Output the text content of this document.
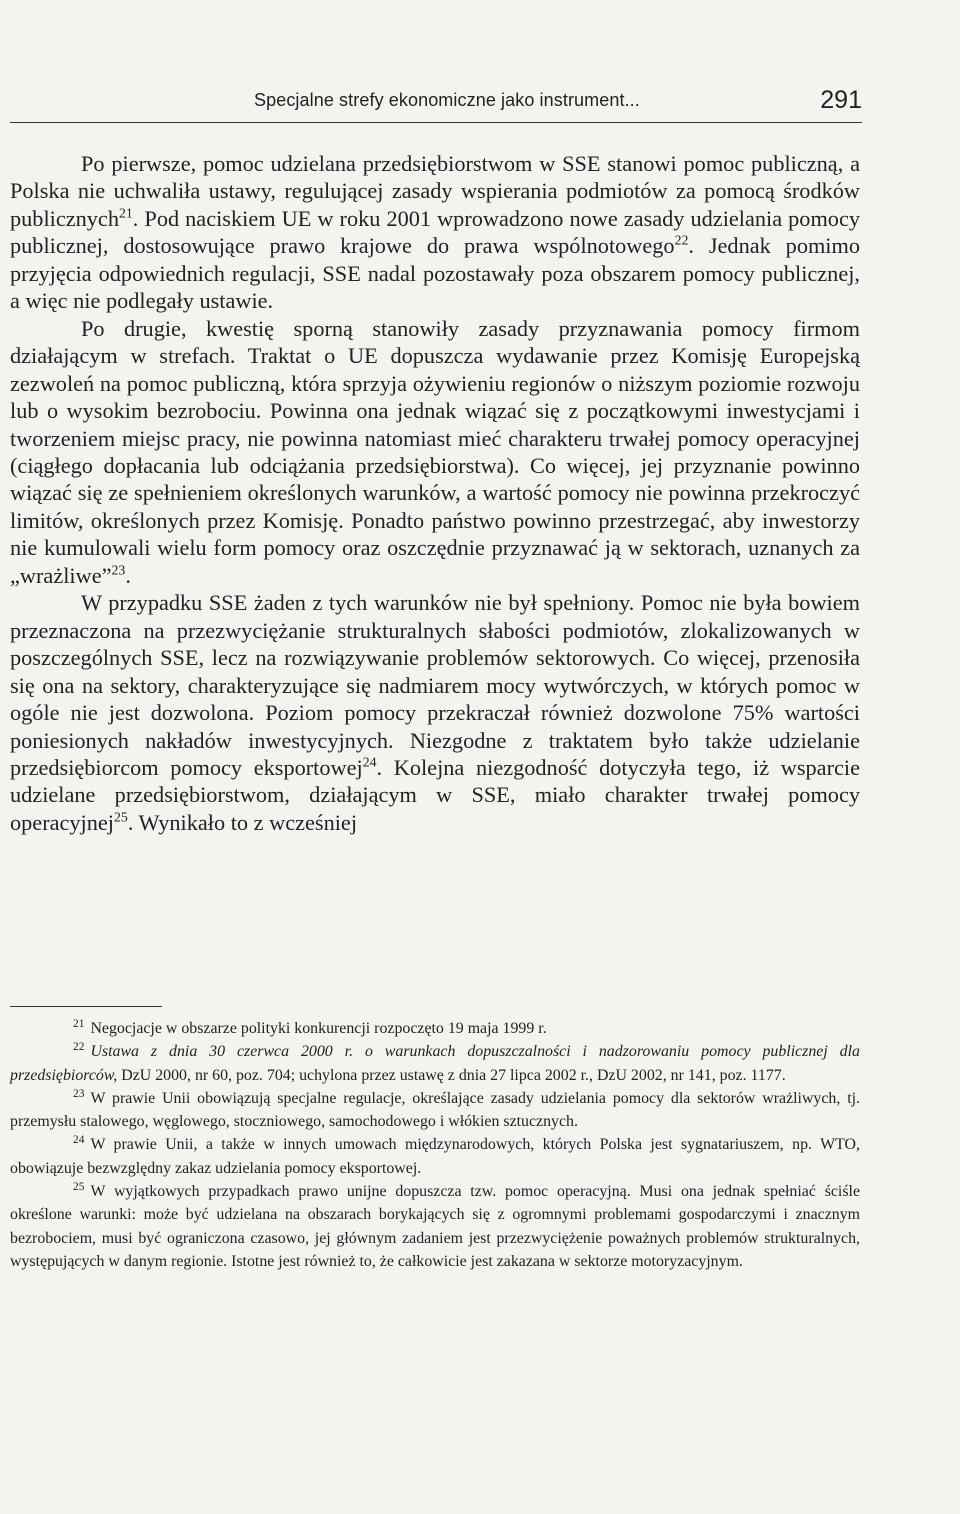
Specjalne strefy ekonomiczne jako instrument...	291

Po pierwsze, pomoc udzielana przedsiębiorstwom w SSE stanowi pomoc publiczną, a Polska nie uchwaliła ustawy, regulującej zasady wspierania podmiotów za pomocą środków publicznych$^{21}$. Pod naciskiem UE w roku 2001 wprowadzono nowe zasady udzielania pomocy publicznej, dostosowujące prawo krajowe do prawa wspólnotowego$^{22}$. Jednak pomimo przyjęcia odpowiednich regulacji, SSE nadal pozostawały poza obszarem pomocy publicznej, a więc nie podlegały ustawie.

Po drugie, kwestię sporną stanowiły zasady przyznawania pomocy firmom działającym w strefach. Traktat o UE dopuszcza wydawanie przez Komisję Europejską zezwoleń na pomoc publiczną, która sprzyja ożywieniu regionów o niższym poziomie rozwoju lub o wysokim bezrobociu. Powinna ona jednak wiązać się z początkowymi inwestycjami i tworzeniem miejsc pracy, nie powinna natomiast mieć charakteru trwałej pomocy operacyjnej (ciągłego dopłacania lub odciążania przedsiębiorstwa). Co więcej, jej przyznanie powinno wiązać się ze spełnieniem określonych warunków, a wartość pomocy nie powinna przekroczyć limitów, określonych przez Komisję. Ponadto państwo powinno przestrzegać, aby inwestorzy nie kumulowali wielu form pomocy oraz oszczędnie przyznawać ją w sektorach, uznanych za „wrażliwe”$^{23}$.

W przypadku SSE żaden z tych warunków nie był spełniony. Pomoc nie była bowiem przeznaczona na przezwyciężanie strukturalnych słabości podmiotów, zlokalizowanych w poszczególnych SSE, lecz na rozwiązywanie problemów sektorowych. Co więcej, przenosiła się ona na sektory, charakteryzujące się nadmiarem mocy wytwórczych, w których pomoc w ogóle nie jest dozwolona. Poziom pomocy przekraczał również dozwolone 75% wartości poniesionych nakładów inwestycyjnych. Niezgodne z traktatem było także udzielanie przedsiębiorcom pomocy eksportowej$^{24}$. Kolejna niezgodność dotyczyła tego, iż wsparcie udzielane przedsiębiorstwom, działającym w SSE, miało charakter trwałej pomocy operacyjnej$^{25}$. Wynikało to z wcześniej

$^{21}$ Negocjacje w obszarze polityki konkurencji rozpoczęto 19 maja 1999 r.

$^{22}$ Ustawa z dnia 30 czerwca 2000 r. o warunkach dopuszczalności i nadzorowaniu pomocy publicznej dla przedsiębiorców, DzU 2000, nr 60, poz. 704; uchylona przez ustawę z dnia 27 lipca 2002 r., DzU 2002, nr 141, poz. 1177.

$^{23}$ W prawie Unii obowiązują specjalne regulacje, określające zasady udzielania pomocy dla sektorów wrażliwych, tj. przemysłu stalowego, węglowego, stoczniowego, samochodowego i włókien sztucznych.

$^{24}$ W prawie Unii, a także w innych umowach międzynarodowych, których Polska jest sygnatariuszem, np. WTO, obowiązuje bezwzględny zakaz udzielania pomocy eksportowej.

$^{25}$ W wyjątkowych przypadkach prawo unijne dopuszcza tzw. pomoc operacyjną. Musi ona jednak spełniać ściśle określone warunki: może być udzielana na obszarach borykających się z ogromnymi problemami gospodarczymi i znacznym bezrobociem, musi być ograniczona czasowo, jej głównym zadaniem jest przezwyciężenie poważnych problemów strukturalnych, występujących w danym regionie. Istotne jest również to, że całkowicie jest zakazana w sektorze motoryzacyjnym.
